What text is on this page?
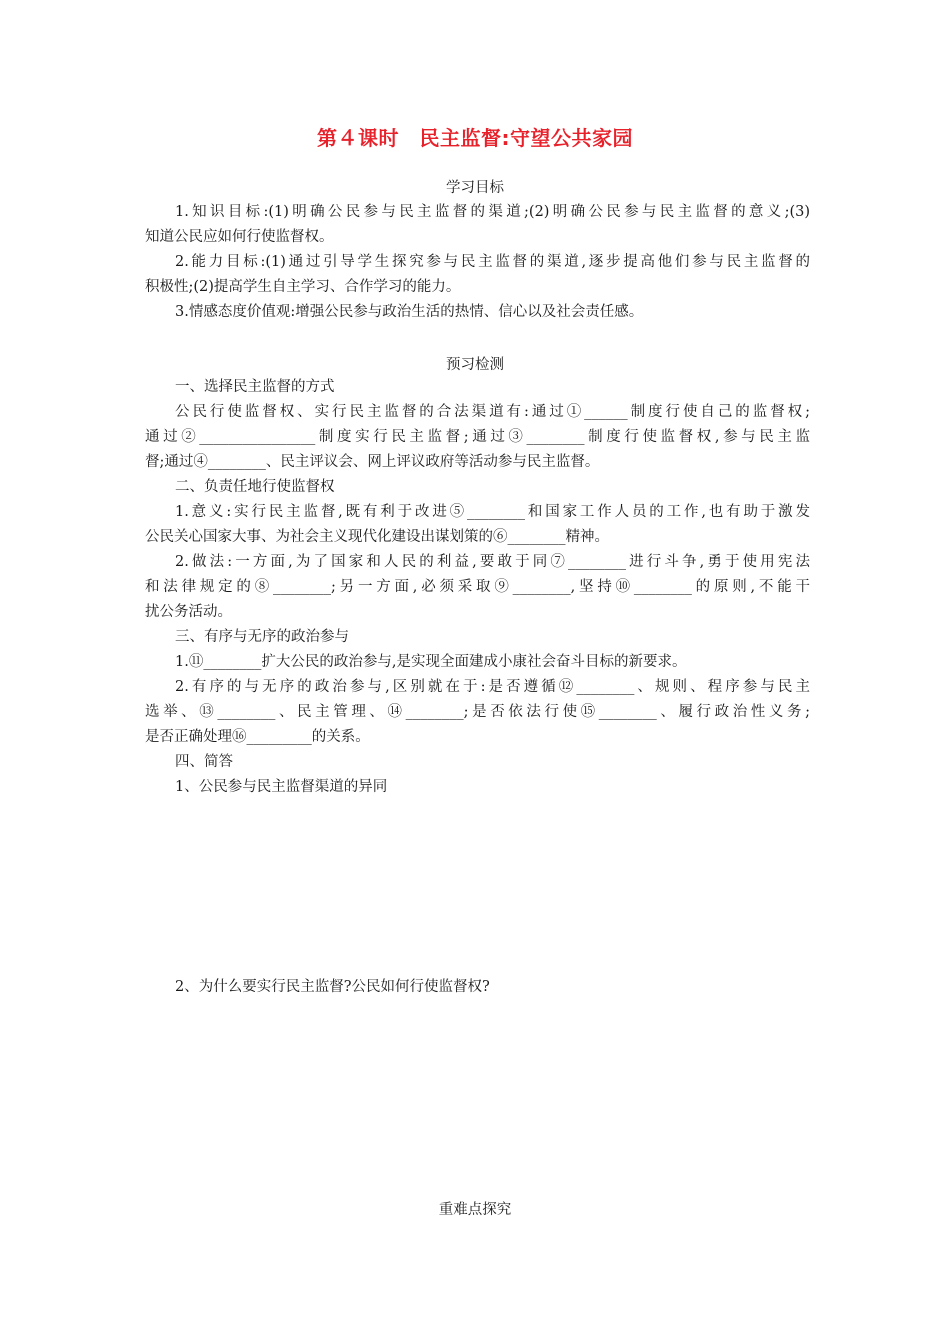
第４课时　民主监督:守望公共家园
学习目标
1.知识目标:(1)明确公民参与民主监督的渠道;(2)明确公民参与民主监督的意义;(3)
知道公民应如何行使监督权。
2.能力目标:(1)通过引导学生探究参与民主监督的渠道,逐步提高他们参与民主监督的
积极性;(2)提高学生自主学习、合作学习的能力。
3.情感态度价值观:增强公民参与政治生活的热情、信心以及社会责任感。
预习检测
一、选择民主监督的方式
公民行使监督权、实行民主监督的合法渠道有:通过①______制度行使自己的监督权;
通过②________________制度实行民主监督;通过③________制度行使监督权,参与民主监
督;通过④________、民主评议会、网上评议政府等活动参与民主监督。
二、负责任地行使监督权
1.意义:实行民主监督,既有利于改进⑤________和国家工作人员的工作,也有助于激发
公民关心国家大事、为社会主义现代化建设出谋划策的⑥________精神。
2.做法:一方面,为了国家和人民的利益,要敢于同⑦________进行斗争,勇于使用宪法
和法律规定的⑧________;另一方面,必须采取⑨________,坚持⑩________的原则,不能干
扰公务活动。
三、有序与无序的政治参与
1.⑪________扩大公民的政治参与,是实现全面建成小康社会奋斗目标的新要求。
2.有序的与无序的政治参与,区别就在于:是否遵循⑫________、规则、程序参与民主
选举、⑬________、民主管理、⑭________;是否依法行使⑮________、履行政治性义务;
是否正确处理⑯_________的关系。
四、简答
1、公民参与民主监督渠道的异同
2、为什么要实行民主监督?公民如何行使监督权?
重难点探究
